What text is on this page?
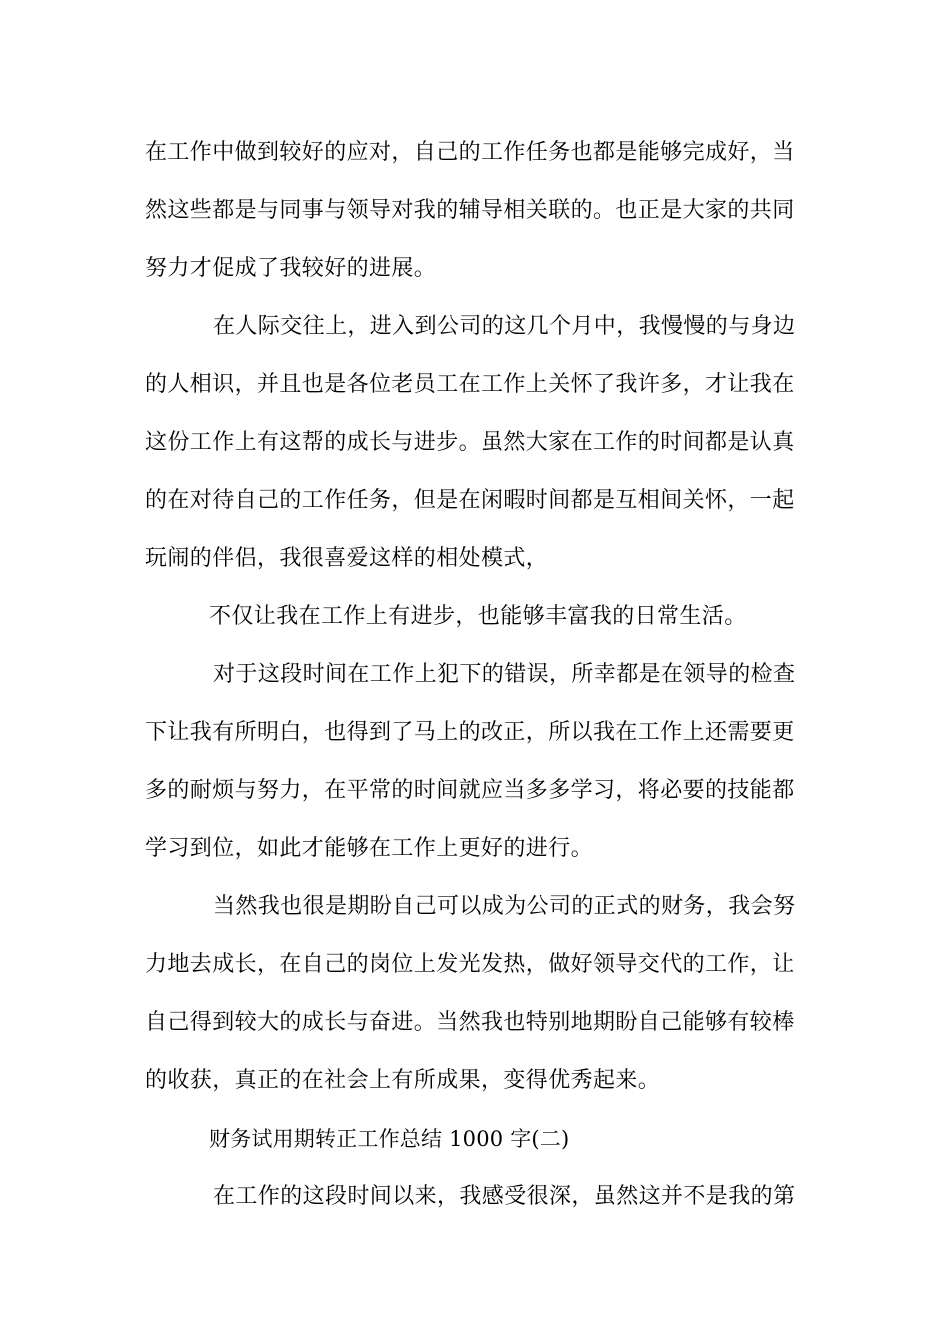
在工作中做到较好的应对，自己的工作任务也都是能够完成好，当
然这些都是与同事与领导对我的辅导相关联的。也正是大家的共同
努力才促成了我较好的进展。
在人际交往上，进入到公司的这几个月中，我慢慢的与身边
的人相识，并且也是各位老员工在工作上关怀了我许多，才让我在
这份工作上有这帮的成长与进步。虽然大家在工作的时间都是认真
的在对待自己的工作任务，但是在闲暇时间都是互相间关怀，一起
玩闹的伴侣，我很喜爱这样的相处模式，
不仅让我在工作上有进步，也能够丰富我的日常生活。
对于这段时间在工作上犯下的错误，所幸都是在领导的检查
下让我有所明白，也得到了马上的改正，所以我在工作上还需要更
多的耐烦与努力，在平常的时间就应当多多学习，将必要的技能都
学习到位，如此才能够在工作上更好的进行。
当然我也很是期盼自己可以成为公司的正式的财务，我会努
力地去成长，在自己的岗位上发光发热，做好领导交代的工作，让
自己得到较大的成长与奋进。当然我也特别地期盼自己能够有较棒
的收获，真正的在社会上有所成果，变得优秀起来。
财务试用期转正工作总结 1000 字(二)
在工作的这段时间以来，我感受很深，虽然这并不是我的第
